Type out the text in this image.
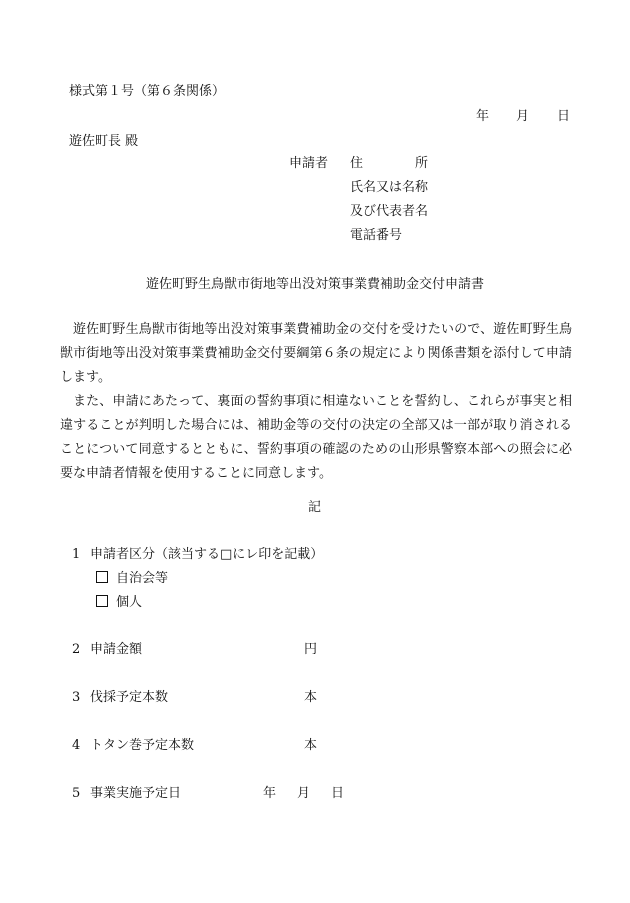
様式第１号（第６条関係）
年 月 日
遊佐町長 殿
申請者 住　　　　所
氏名又は名称
及び代表者名
電話番号
遊佐町野生鳥獣市街地等出没対策事業費補助金交付申請書
遊佐町野生鳥獣市街地等出没対策事業費補助金の交付を受けたいので、遊佐町野生鳥獣市街地等出没対策事業費補助金交付要綱第６条の規定により関係書類を添付して申請します。
また、申請にあたって、裏面の誓約事項に相違ないことを誓約し、これらが事実と相違することが判明した場合には、補助金等の交付の決定の全部又は一部が取り消されることについて同意するとともに、誓約事項の確認のための山形県警察本部への照会に必要な申請者情報を使用することに同意します。
記
1 申請者区分（該当する□にレ印を記載）
自治会等
個人
2 申請金額	円
3 伐採予定本数	本
4 トタン巻予定本数	本
5 事業実施予定日	年 月 日
